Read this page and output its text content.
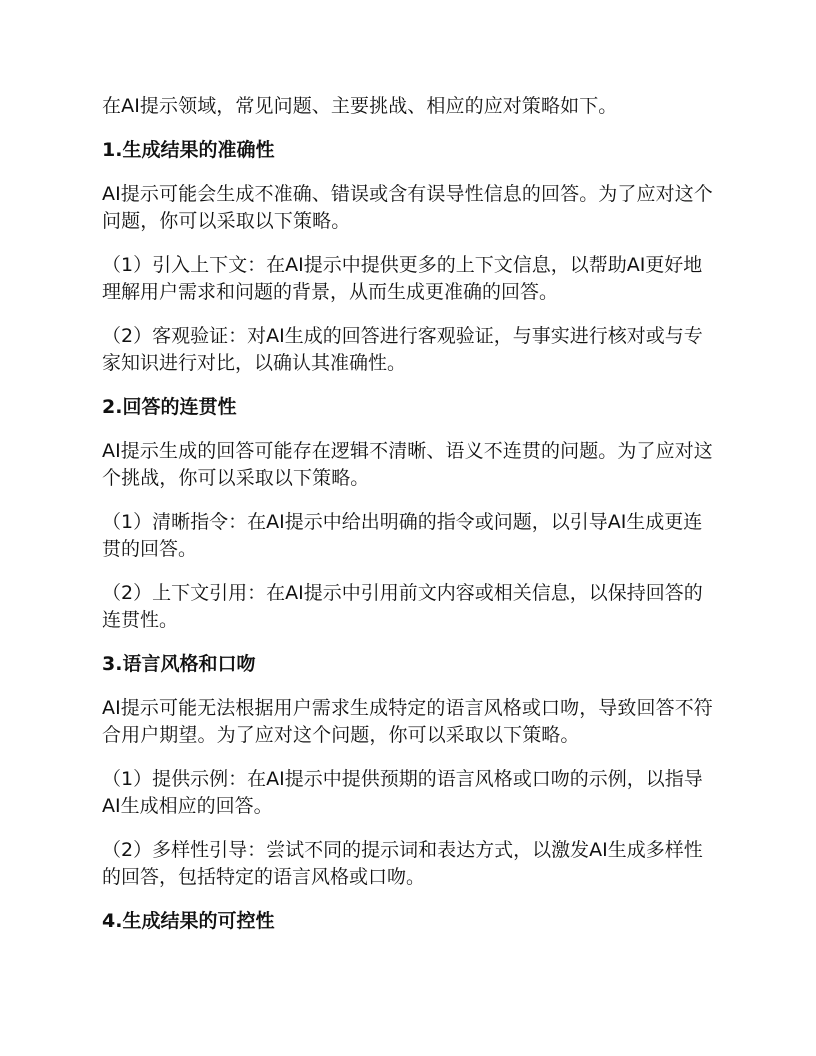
在AI提示领域，常见问题、主要挑战、相应的应对策略如下。

1.生成结果的准确性

AI提示可能会生成不准确、错误或含有误导性信息的回答。为了应对这个问题，你可以采取以下策略。

（1）引入上下文：在AI提示中提供更多的上下文信息，以帮助AI更好地理解用户需求和问题的背景，从而生成更准确的回答。

（2）客观验证：对AI生成的回答进行客观验证，与事实进行核对或与专家知识进行对比，以确认其准确性。

2.回答的连贯性

AI提示生成的回答可能存在逻辑不清晰、语义不连贯的问题。为了应对这个挑战，你可以采取以下策略。

（1）清晰指令：在AI提示中给出明确的指令或问题，以引导AI生成更连贯的回答。

（2）上下文引用：在AI提示中引用前文内容或相关信息，以保持回答的连贯性。

3.语言风格和口吻

AI提示可能无法根据用户需求生成特定的语言风格或口吻，导致回答不符合用户期望。为了应对这个问题，你可以采取以下策略。

（1）提供示例：在AI提示中提供预期的语言风格或口吻的示例，以指导AI生成相应的回答。

（2）多样性引导：尝试不同的提示词和表达方式，以激发AI生成多样性的回答，包括特定的语言风格或口吻。

4.生成结果的可控性
